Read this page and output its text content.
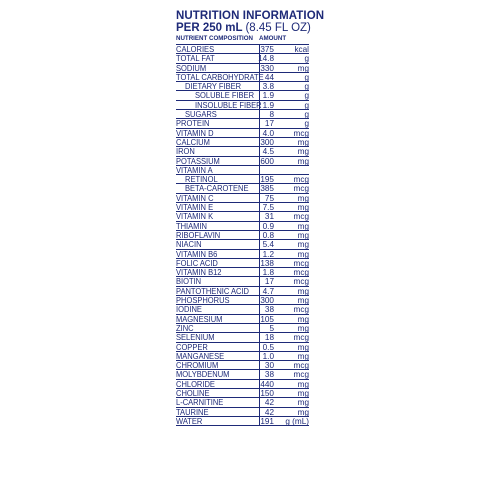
NUTRITION INFORMATION
PER 250 mL (8.45 FL OZ)
NUTRIENT COMPOSITION AMOUNT
CALORIES	375 kcal
TOTAL FAT	14.8	g
SODIUM	330	mg
TOTAL CARBOHYDRATE 44	g
DIETARY FIBER	3.8	g
SOLUBLE FIBER 1.9	g
INSOLUBLE FIBER 1.9	g
SUGARS	8	g
PROTEIN	17	g
VITAMIN D	4.0 mcg
CALCIUM	300	mg
IRON	4.5	mg
POTASSIUM	600	mg
VITAMIN A
RETINOL	195 mcg
BETA-CAROTENE 385 mcg
VITAMIN C	75	mg
VITAMIN E	7.5	mg
VITAMIN K	31 mcg
THIAMIN	0.9	mg
RIBOFLAVIN	0.8	mg
NIACIN	5.4	mg
VITAMIN B6	1.2	mg
FOLIC ACID	138 mcg
VITAMIN B12	1.8 mcg
BIOTIN	17 mcg
PANTOTHENIC ACID 4.7	mg
PHOSPHORUS	300	mg
IODINE	38 mcg
MAGNESIUM	105	mg
ZINC	5	mg
SELENIUM	18 mcg
COPPER	0.5	mg
MANGANESE	1.0	mg
CHROMIUM	30 mcg
MOLYBDENUM	38 mcg
CHLORIDE	440	mg
CHOLINE	150	mg
L-CARNITINE	42	mg
TAURINE	42	mg
WATER	191 g (mL)
